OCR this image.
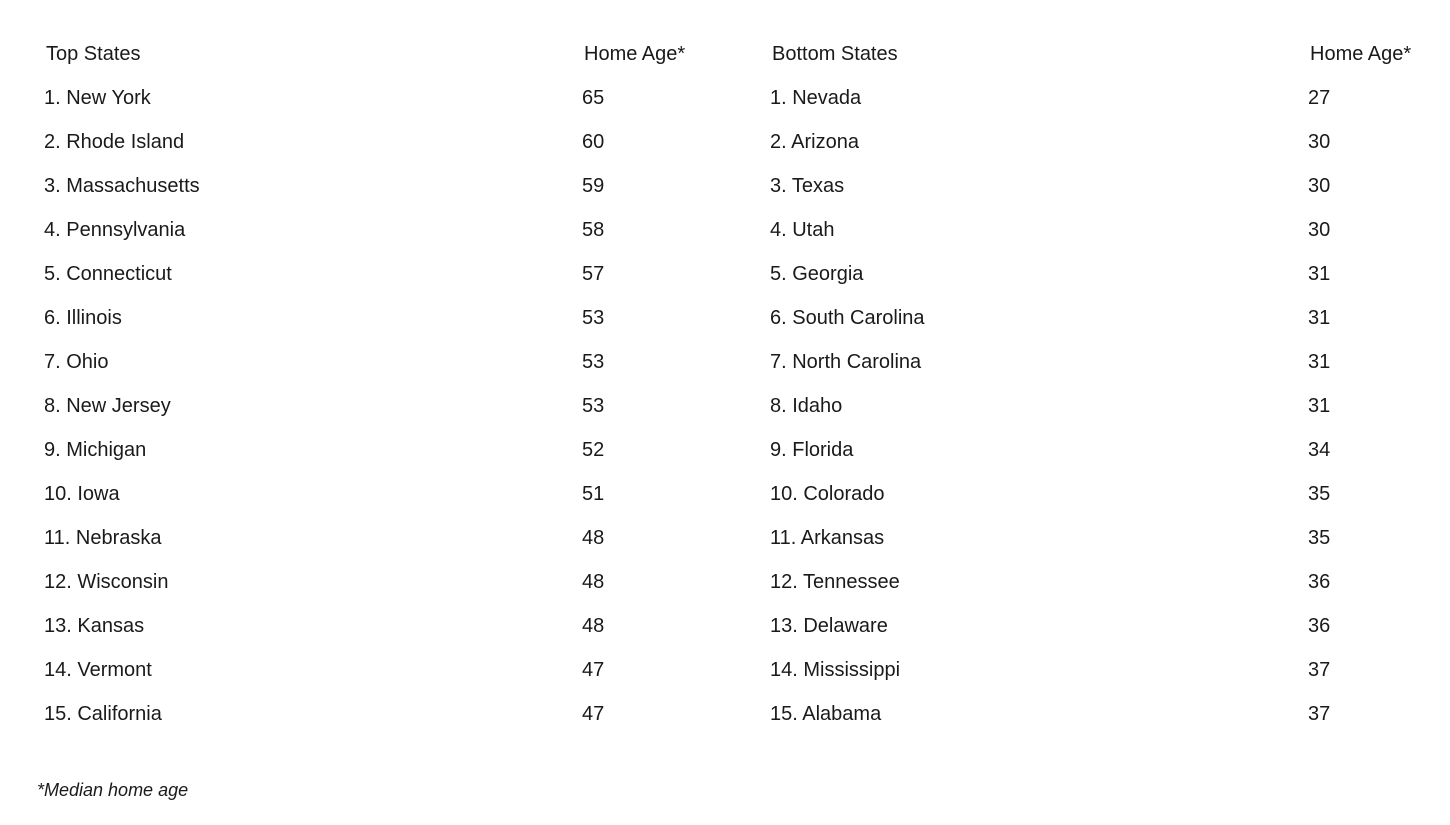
Top States	Home Age*
1. New York	65
2. Rhode Island	60
3. Massachusetts	59
4. Pennsylvania	58
5. Connecticut	57
6. Illinois	53
7. Ohio	53
8. New Jersey	53
9. Michigan	52
10. Iowa	51
11. Nebraska	48
12. Wisconsin	48
13. Kansas	48
14. Vermont	47
15. California	47
Bottom States	Home Age*
1. Nevada	27
2. Arizona	30
3. Texas	30
4. Utah	30
5. Georgia	31
6. South Carolina	31
7. North Carolina	31
8. Idaho	31
9. Florida	34
10. Colorado	35
11. Arkansas	35
12. Tennessee	36
13. Delaware	36
14. Mississippi	37
15. Alabama	37
*Median home age
